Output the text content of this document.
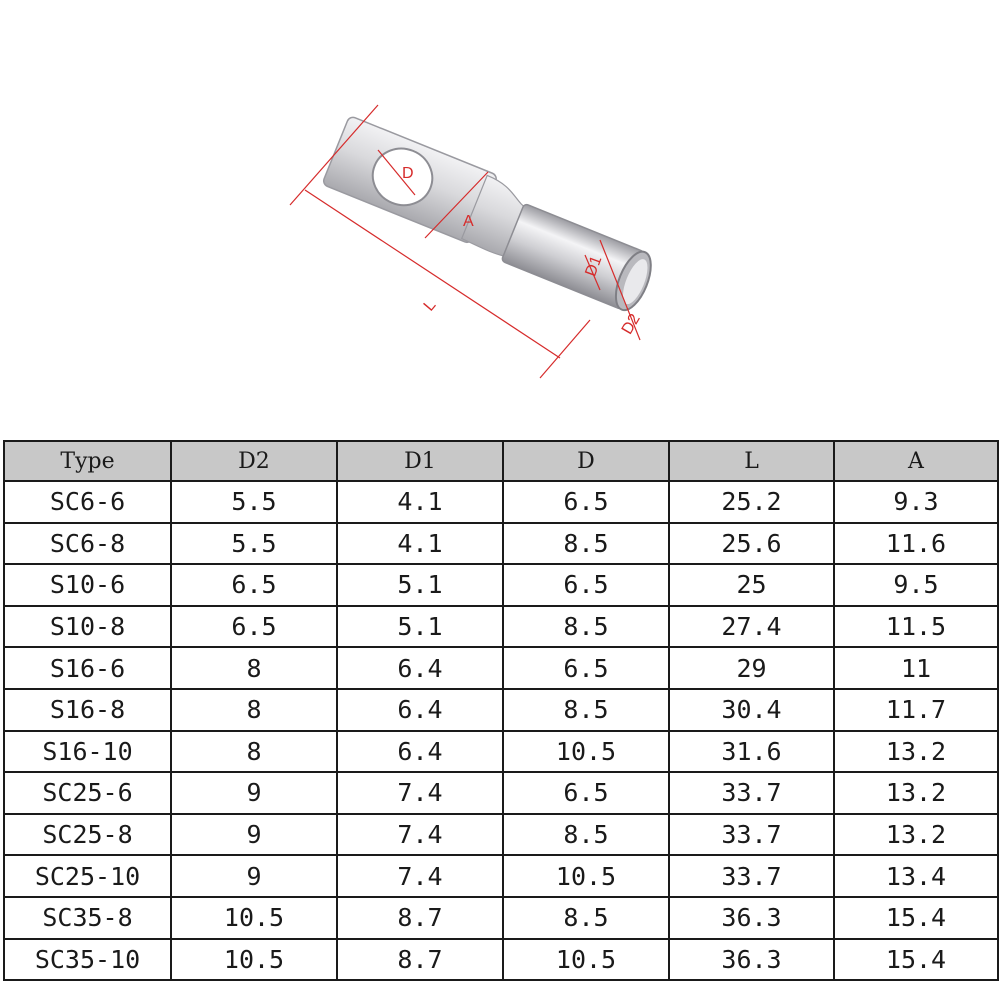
D
A
L
D1
D2
Type	D2	D1	D	L	A
SC6-6	5.5	4.1	6.5	25.2	9.3
SC6-8	5.5	4.1	8.5	25.6	11.6
S10-6	6.5	5.1	6.5	25	9.5
S10-8	6.5	5.1	8.5	27.4	11.5
S16-6	8	6.4	6.5	29	11
S16-8	8	6.4	8.5	30.4	11.7
S16-10	8	6.4	10.5	31.6	13.2
SC25-6	9	7.4	6.5	33.7	13.2
SC25-8	9	7.4	8.5	33.7	13.2
SC25-10	9	7.4	10.5	33.7	13.4
SC35-8	10.5	8.7	8.5	36.3	15.4
SC35-10	10.5	8.7	10.5	36.3	15.4
